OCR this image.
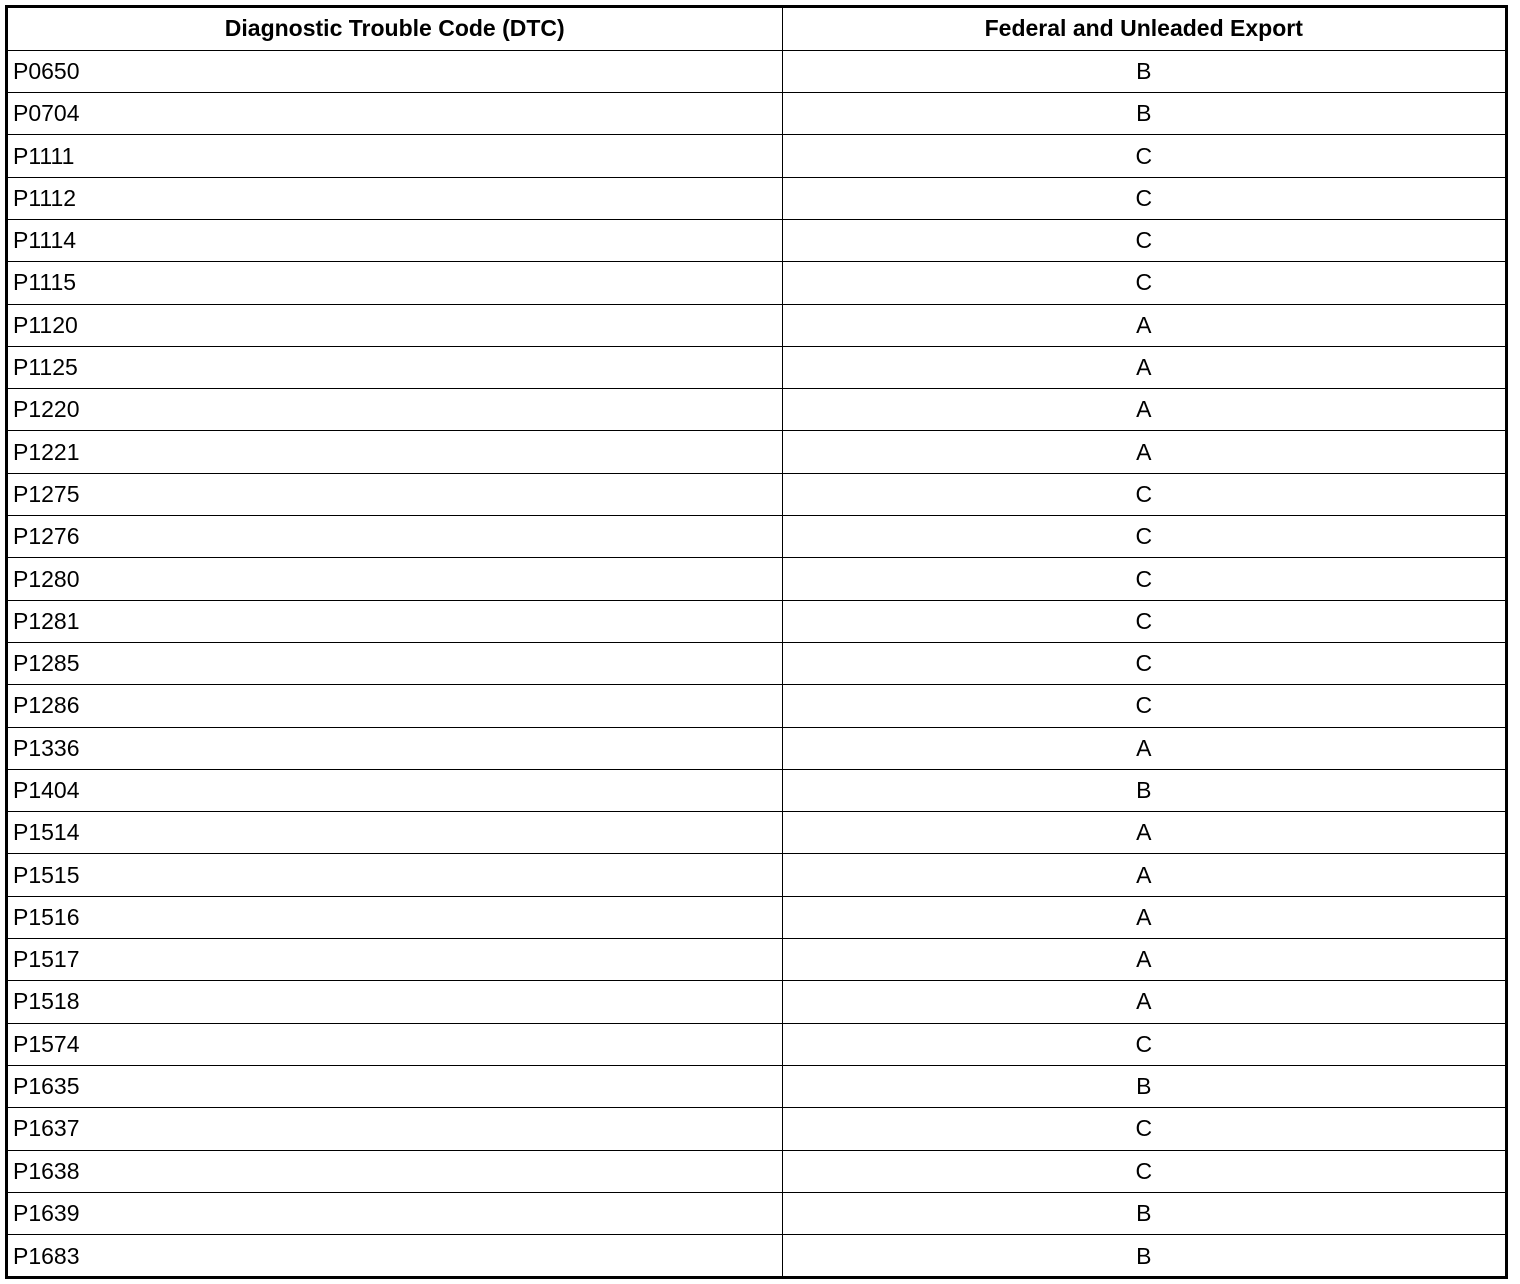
Diagnostic Trouble Code (DTC)	Federal and Unleaded Export
P0650	B
P0704	B
P1111	C
P1112	C
P1114	C
P1115	C
P1120	A
P1125	A
P1220	A
P1221	A
P1275	C
P1276	C
P1280	C
P1281	C
P1285	C
P1286	C
P1336	A
P1404	B
P1514	A
P1515	A
P1516	A
P1517	A
P1518	A
P1574	C
P1635	B
P1637	C
P1638	C
P1639	B
P1683	B
